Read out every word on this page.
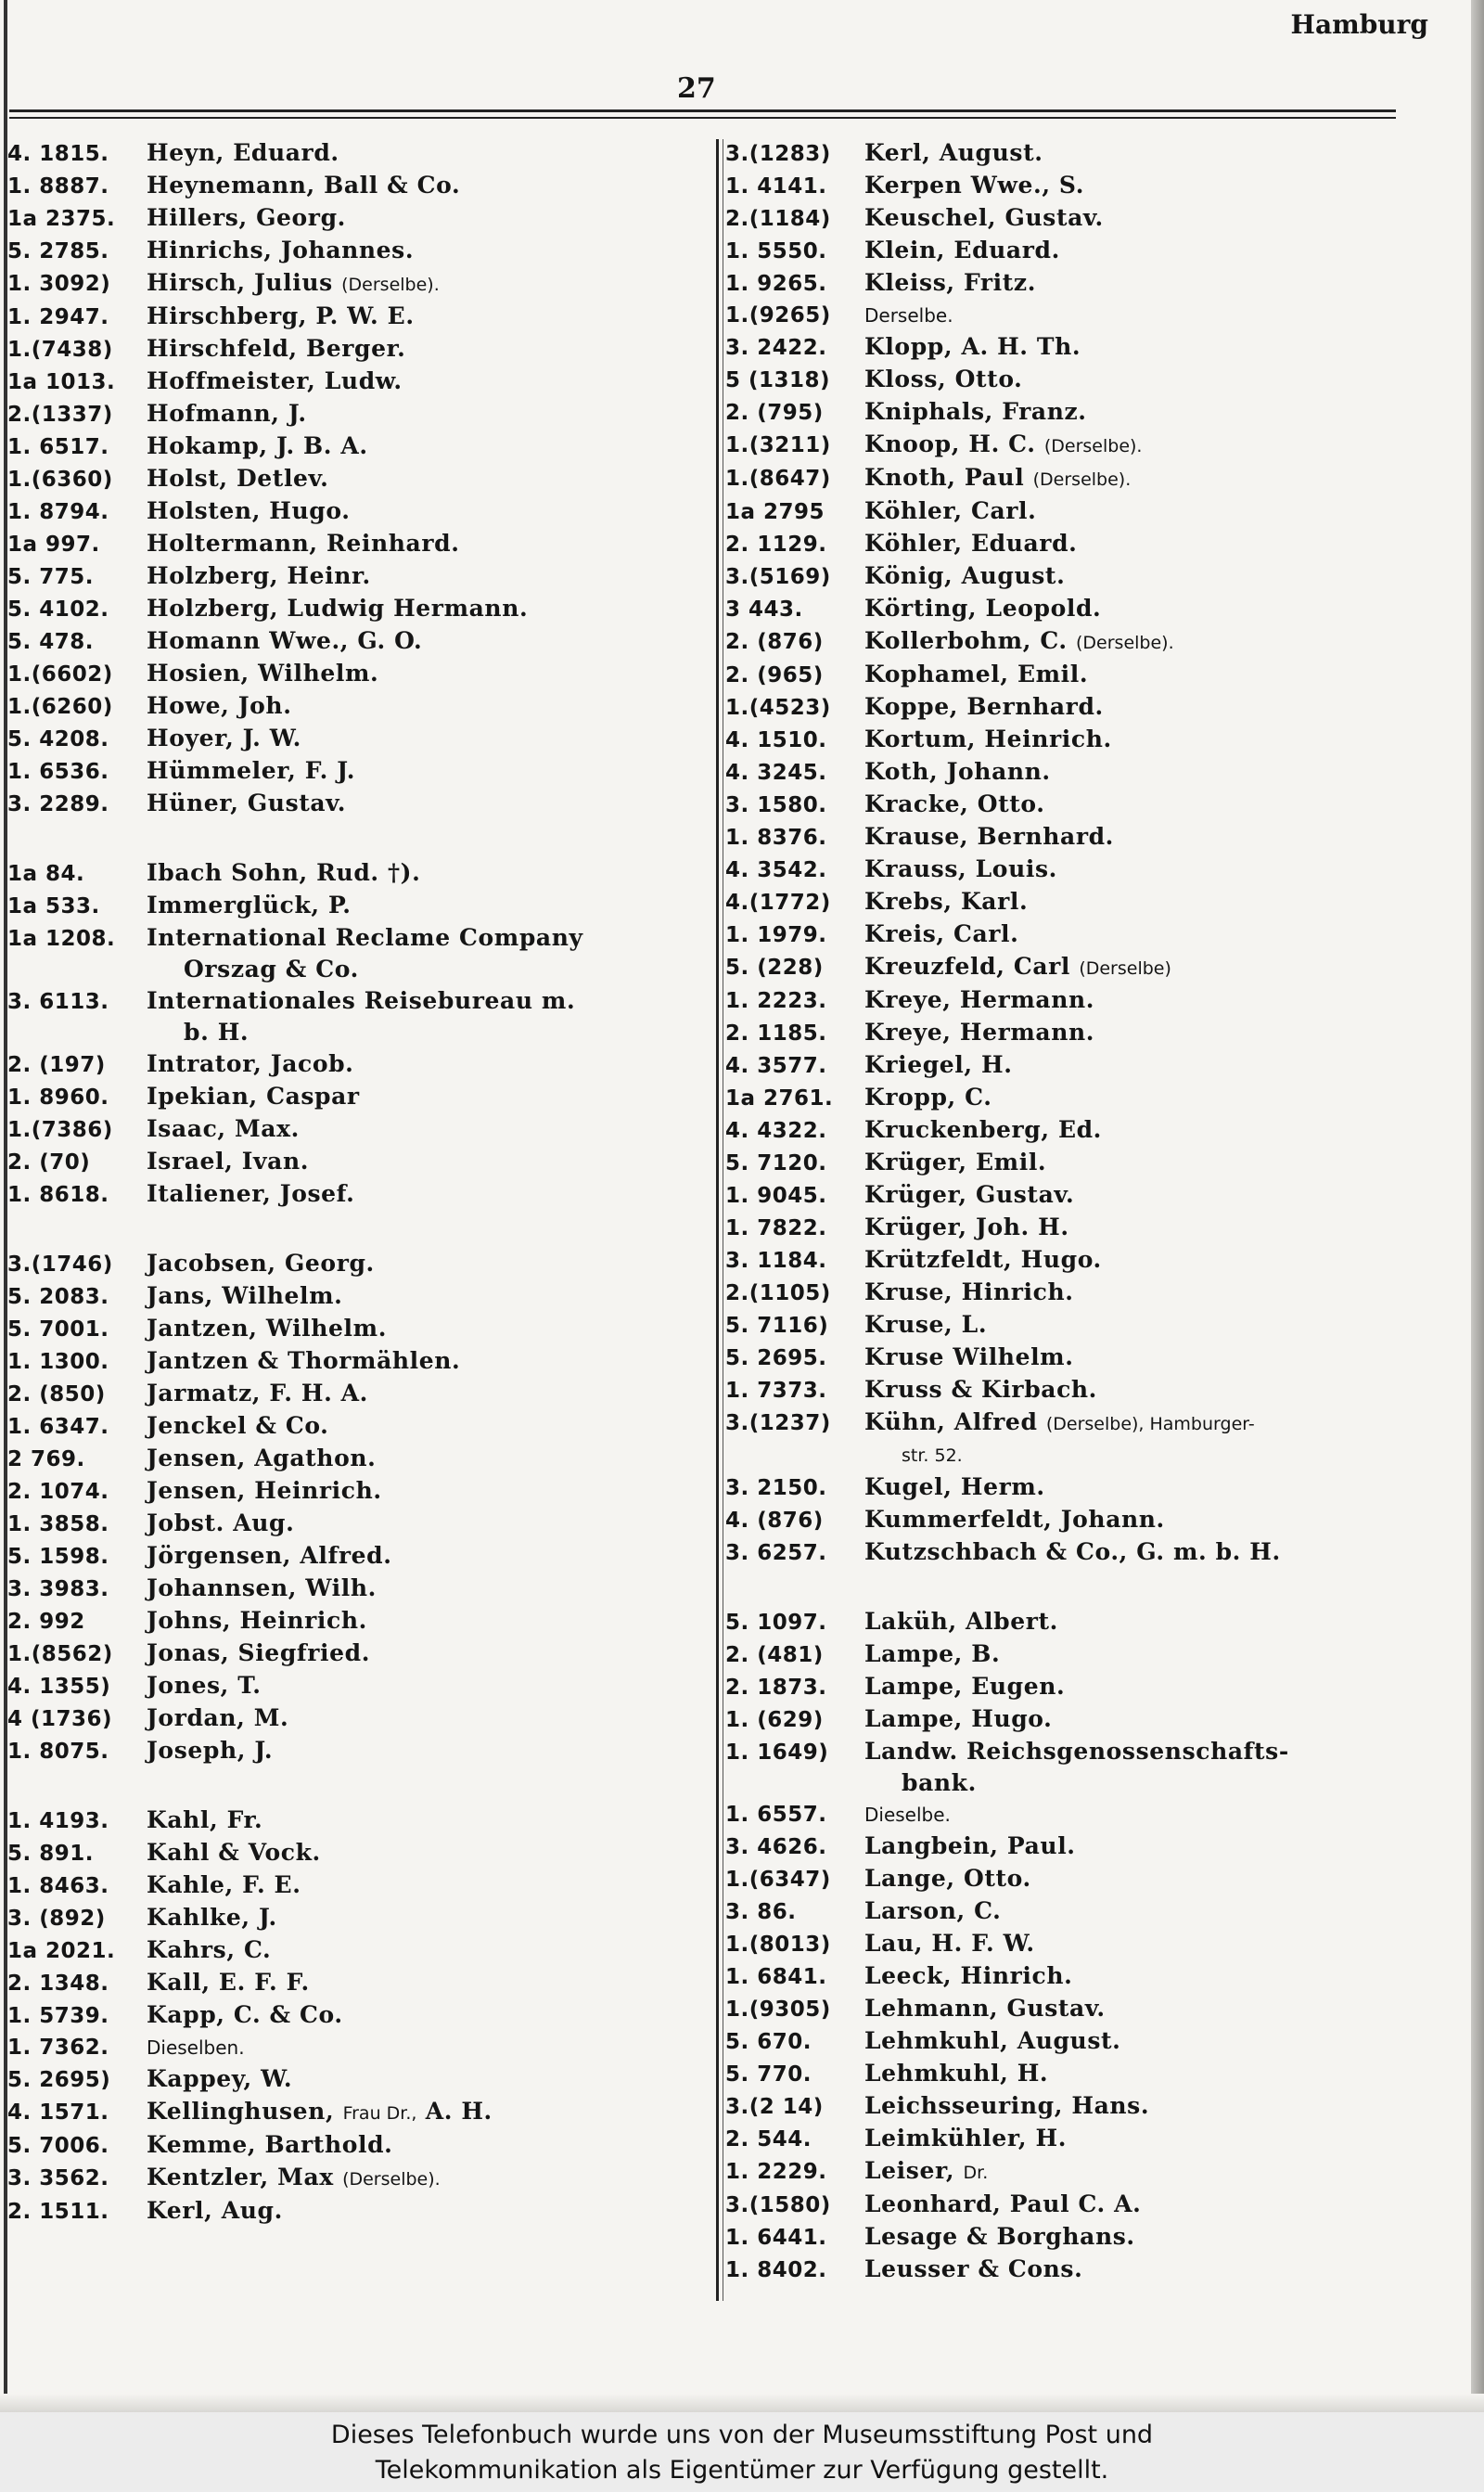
Hamburg
27
4. 1815.	Heyn, Eduard.
1. 8887.	Heynemann, Ball & Co.
1a 2375.	Hillers, Georg.
5. 2785.	Hinrichs, Johannes.
1. 3092)	Hirsch, Julius (Derselbe).
1. 2947.	Hirschberg, P. W. E.
1.(7438)	Hirschfeld, Berger.
1a 1013.	Hoffmeister, Ludw.
2.(1337)	Hofmann, J.
1. 6517.	Hokamp, J. B. A.
1.(6360)	Holst, Detlev.
1. 8794.	Holsten, Hugo.
1a 997.	Holtermann, Reinhard.
5. 775.	Holzberg, Heinr.
5. 4102.	Holzberg, Ludwig Hermann.
5. 478.	Homann Wwe., G. O.
1.(6602)	Hosien, Wilhelm.
1.(6260)	Howe, Joh.
5. 4208.	Hoyer, J. W.
1. 6536.	Hümmeler, F. J.
3. 2289.	Hüner, Gustav.
1a 84.	Ibach Sohn, Rud. †).
1a 533.	Immerglück, P.
1a 1208.	International Reclame Company
Orszag & Co.
3. 6113.	Internationales Reisebureau m.
b. H.
2. (197)	Intrator, Jacob.
1. 8960.	Ipekian, Caspar
1.(7386)	Isaac, Max.
2. (70)	Israel, Ivan.
1. 8618.	Italiener, Josef.
3.(1746)	Jacobsen, Georg.
5. 2083.	Jans, Wilhelm.
5. 7001.	Jantzen, Wilhelm.
1. 1300.	Jantzen & Thormählen.
2. (850)	Jarmatz, F. H. A.
1. 6347.	Jenckel & Co.
2 769.	Jensen, Agathon.
2. 1074.	Jensen, Heinrich.
1. 3858.	Jobst. Aug.
5. 1598.	Jörgensen, Alfred.
3. 3983.	Johannsen, Wilh.
2. 992	Johns, Heinrich.
1.(8562)	Jonas, Siegfried.
4. 1355)	Jones, T.
4 (1736)	Jordan, M.
1. 8075.	Joseph, J.
1. 4193.	Kahl, Fr.
5. 891.	Kahl & Vock.
1. 8463.	Kahle, F. E.
3. (892)	Kahlke, J.
1a 2021.	Kahrs, C.
2. 1348.	Kall, E. F. F.
1. 5739.	Kapp, C. & Co.
1. 7362.	Dieselben.
5. 2695)	Kappey, W.
4. 1571.	Kellinghusen, Frau Dr., A. H.
5. 7006.	Kemme, Barthold.
3. 3562.	Kentzler, Max (Derselbe).
2. 1511.	Kerl, Aug.
3.(1283)	Kerl, August.
1. 4141.	Kerpen Wwe., S.
2.(1184)	Keuschel, Gustav.
1. 5550.	Klein, Eduard.
1. 9265.	Kleiss, Fritz.
1.(9265)	Derselbe.
3. 2422.	Klopp, A. H. Th.
5 (1318)	Kloss, Otto.
2. (795)	Kniphals, Franz.
1.(3211)	Knoop, H. C. (Derselbe).
1.(8647)	Knoth, Paul (Derselbe).
1a 2795	Köhler, Carl.
2. 1129.	Köhler, Eduard.
3.(5169)	König, August.
3 443.	Körting, Leopold.
2. (876)	Kollerbohm, C. (Derselbe).
2. (965)	Kophamel, Emil.
1.(4523)	Koppe, Bernhard.
4. 1510.	Kortum, Heinrich.
4. 3245.	Koth, Johann.
3. 1580.	Kracke, Otto.
1. 8376.	Krause, Bernhard.
4. 3542.	Krauss, Louis.
4.(1772)	Krebs, Karl.
1. 1979.	Kreis, Carl.
5. (228)	Kreuzfeld, Carl (Derselbe)
1. 2223.	Kreye, Hermann.
2. 1185.	Kreye, Hermann.
4. 3577.	Kriegel, H.
1a 2761.	Kropp, C.
4. 4322.	Kruckenberg, Ed.
5. 7120.	Krüger, Emil.
1. 9045.	Krüger, Gustav.
1. 7822.	Krüger, Joh. H.
3. 1184.	Krützfeldt, Hugo.
2.(1105)	Kruse, Hinrich.
5. 7116)	Kruse, L.
5. 2695.	Kruse Wilhelm.
1. 7373.	Kruss & Kirbach.
3.(1237)	Kühn, Alfred (Derselbe), Hamburger-
str. 52.
3. 2150.	Kugel, Herm.
4. (876)	Kummerfeldt, Johann.
3. 6257.	Kutzschbach & Co., G. m. b. H.
5. 1097.	Laküh, Albert.
2. (481)	Lampe, B.
2. 1873.	Lampe, Eugen.
1. (629)	Lampe, Hugo.
1. 1649)	Landw. Reichsgenossenschafts-
bank.
1. 6557.	Dieselbe.
3. 4626.	Langbein, Paul.
1.(6347)	Lange, Otto.
3. 86.	Larson, C.
1.(8013)	Lau, H. F. W.
1. 6841.	Leeck, Hinrich.
1.(9305)	Lehmann, Gustav.
5. 670.	Lehmkuhl, August.
5. 770.	Lehmkuhl, H.
3.(2 14)	Leichsseuring, Hans.
2. 544.	Leimkühler, H.
1. 2229.	Leiser, Dr.
3.(1580)	Leonhard, Paul C. A.
1. 6441.	Lesage & Borghans.
1. 8402.	Leusser & Cons.
Dieses Telefonbuch wurde uns von der Museumsstiftung Post und
Telekommunikation als Eigentümer zur Verfügung gestellt.
